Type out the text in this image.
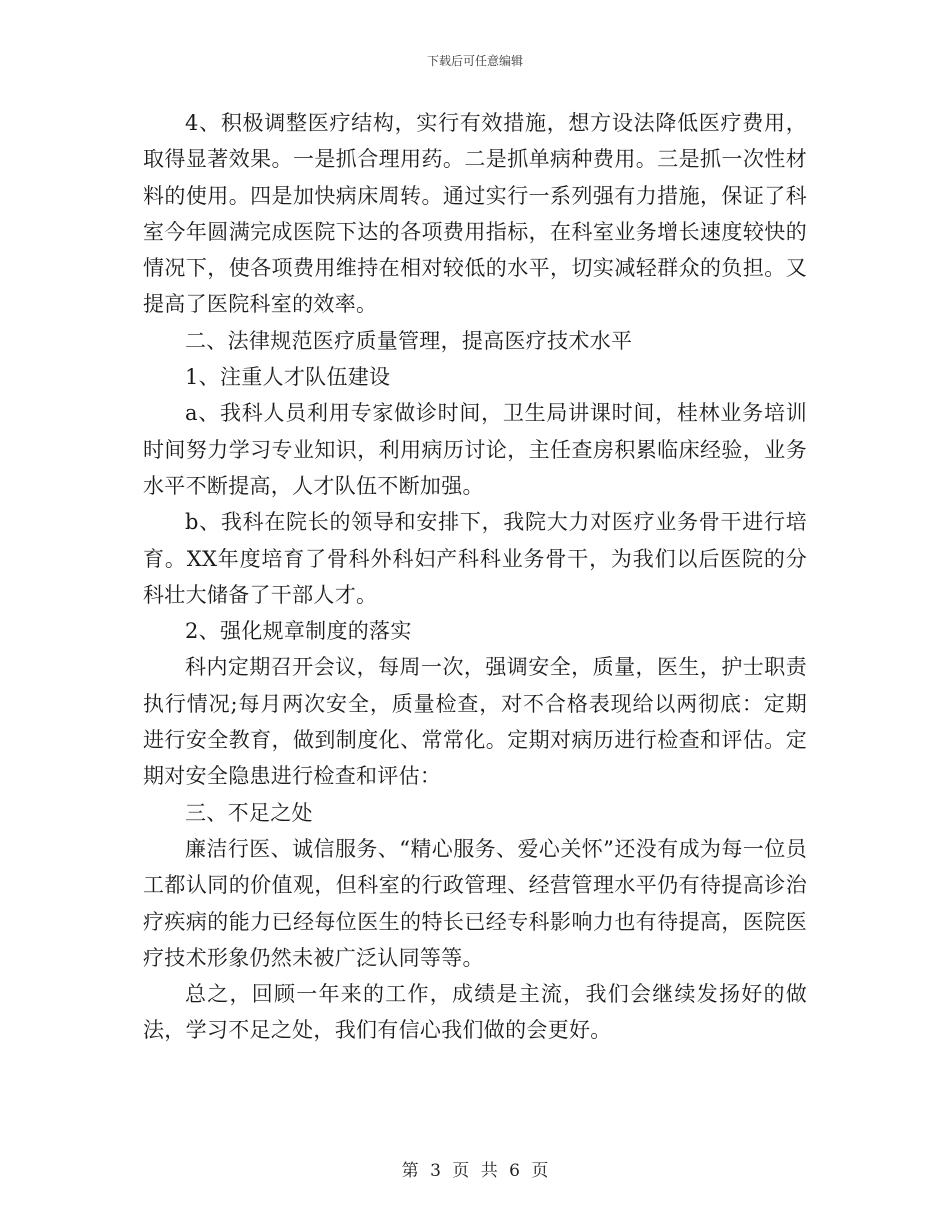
下载后可任意编辑

4、积极调整医疗结构，实行有效措施，想方设法降低医疗费用，取得显著效果。一是抓合理用药。二是抓单病种费用。三是抓一次性材料的使用。四是加快病床周转。通过实行一系列强有力措施，保证了科室今年圆满完成医院下达的各项费用指标，在科室业务增长速度较快的情况下，使各项费用维持在相对较低的水平，切实减轻群众的负担。又提高了医院科室的效率。

二、法律规范医疗质量管理，提高医疗技术水平

1、注重人才队伍建设

a、我科人员利用专家做诊时间，卫生局讲课时间，桂林业务培训时间努力学习专业知识，利用病历讨论，主任查房积累临床经验，业务水平不断提高，人才队伍不断加强。

b、我科在院长的领导和安排下，我院大力对医疗业务骨干进行培育。XX年度培育了骨科外科妇产科科业务骨干，为我们以后医院的分科壮大储备了干部人才。

2、强化规章制度的落实

科内定期召开会议，每周一次，强调安全，质量，医生，护士职责执行情况;每月两次安全，质量检查，对不合格表现给以两彻底：定期进行安全教育，做到制度化、常常化。定期对病历进行检查和评估。定期对安全隐患进行检查和评估：

三、不足之处

廉洁行医、诚信服务、“精心服务、爱心关怀”还没有成为每一位员工都认同的价值观，但科室的行政管理、经营管理水平仍有待提高诊治疗疾病的能力已经每位医生的特长已经专科影响力也有待提高，医院医疗技术形象仍然未被广泛认同等等。

总之，回顾一年来的工作，成绩是主流，我们会继续发扬好的做法，学习不足之处，我们有信心我们做的会更好。

第 3 页 共 6 页
